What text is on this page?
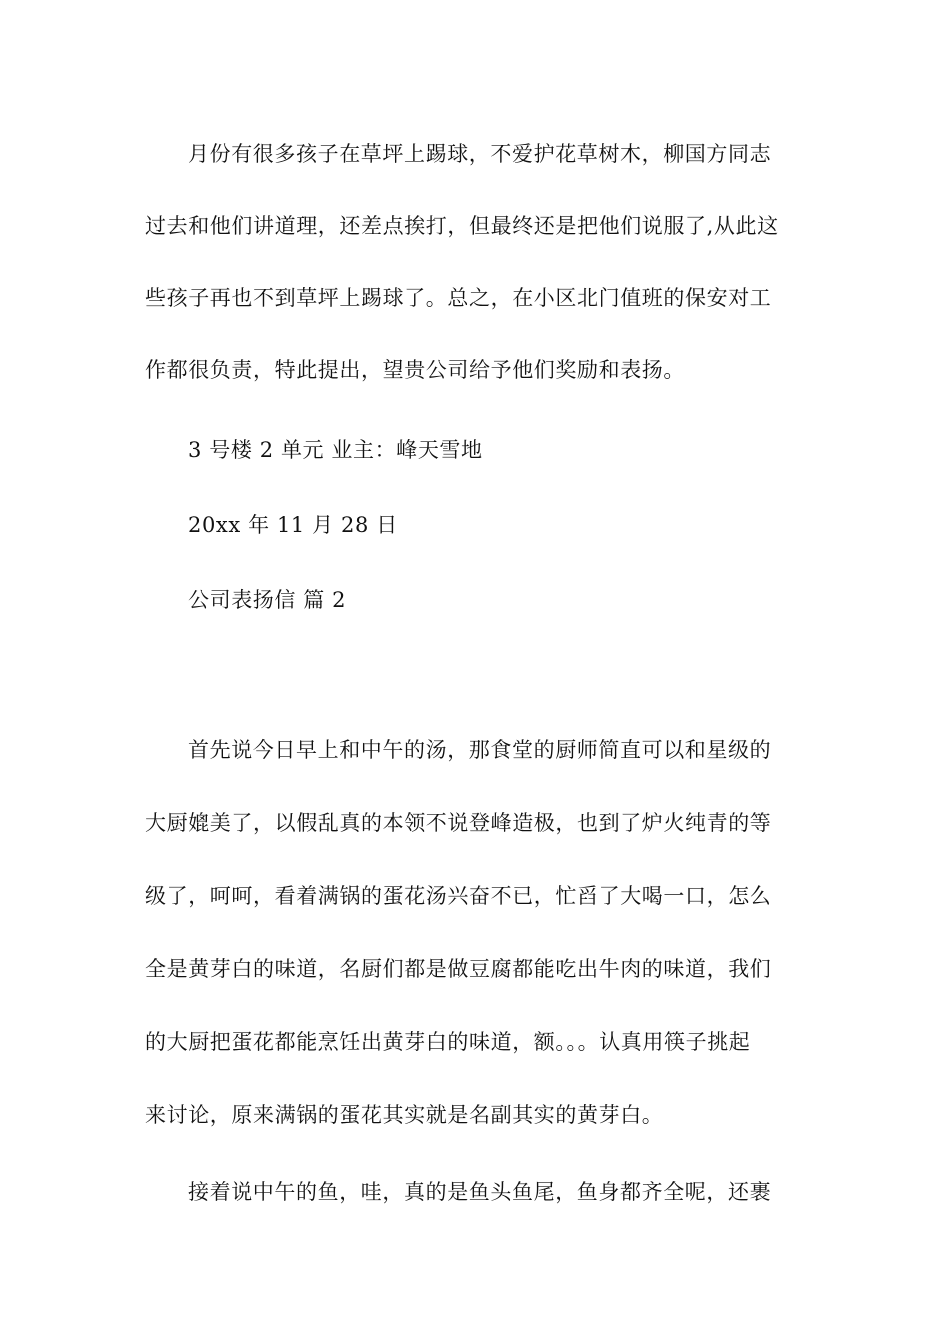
月份有很多孩子在草坪上踢球，不爱护花草树木，柳国方同志
过去和他们讲道理，还差点挨打，但最终还是把他们说服了,从此这
些孩子再也不到草坪上踢球了。总之，在小区北门值班的保安对工
作都很负责，特此提出，望贵公司给予他们奖励和表扬。
3 号楼 2 单元 业主：峰天雪地
20xx 年 11 月 28 日
公司表扬信 篇 2
首先说今日早上和中午的汤，那食堂的厨师简直可以和星级的
大厨媲美了，以假乱真的本领不说登峰造极，也到了炉火纯青的等
级了，呵呵，看着满锅的蛋花汤兴奋不已，忙舀了大喝一口，怎么
全是黄芽白的味道，名厨们都是做豆腐都能吃出牛肉的味道，我们
的大厨把蛋花都能烹饪出黄芽白的味道，额。。。认真用筷子挑起
来讨论，原来满锅的蛋花其实就是名副其实的黄芽白。
接着说中午的鱼，哇，真的是鱼头鱼尾，鱼身都齐全呢，还裹
